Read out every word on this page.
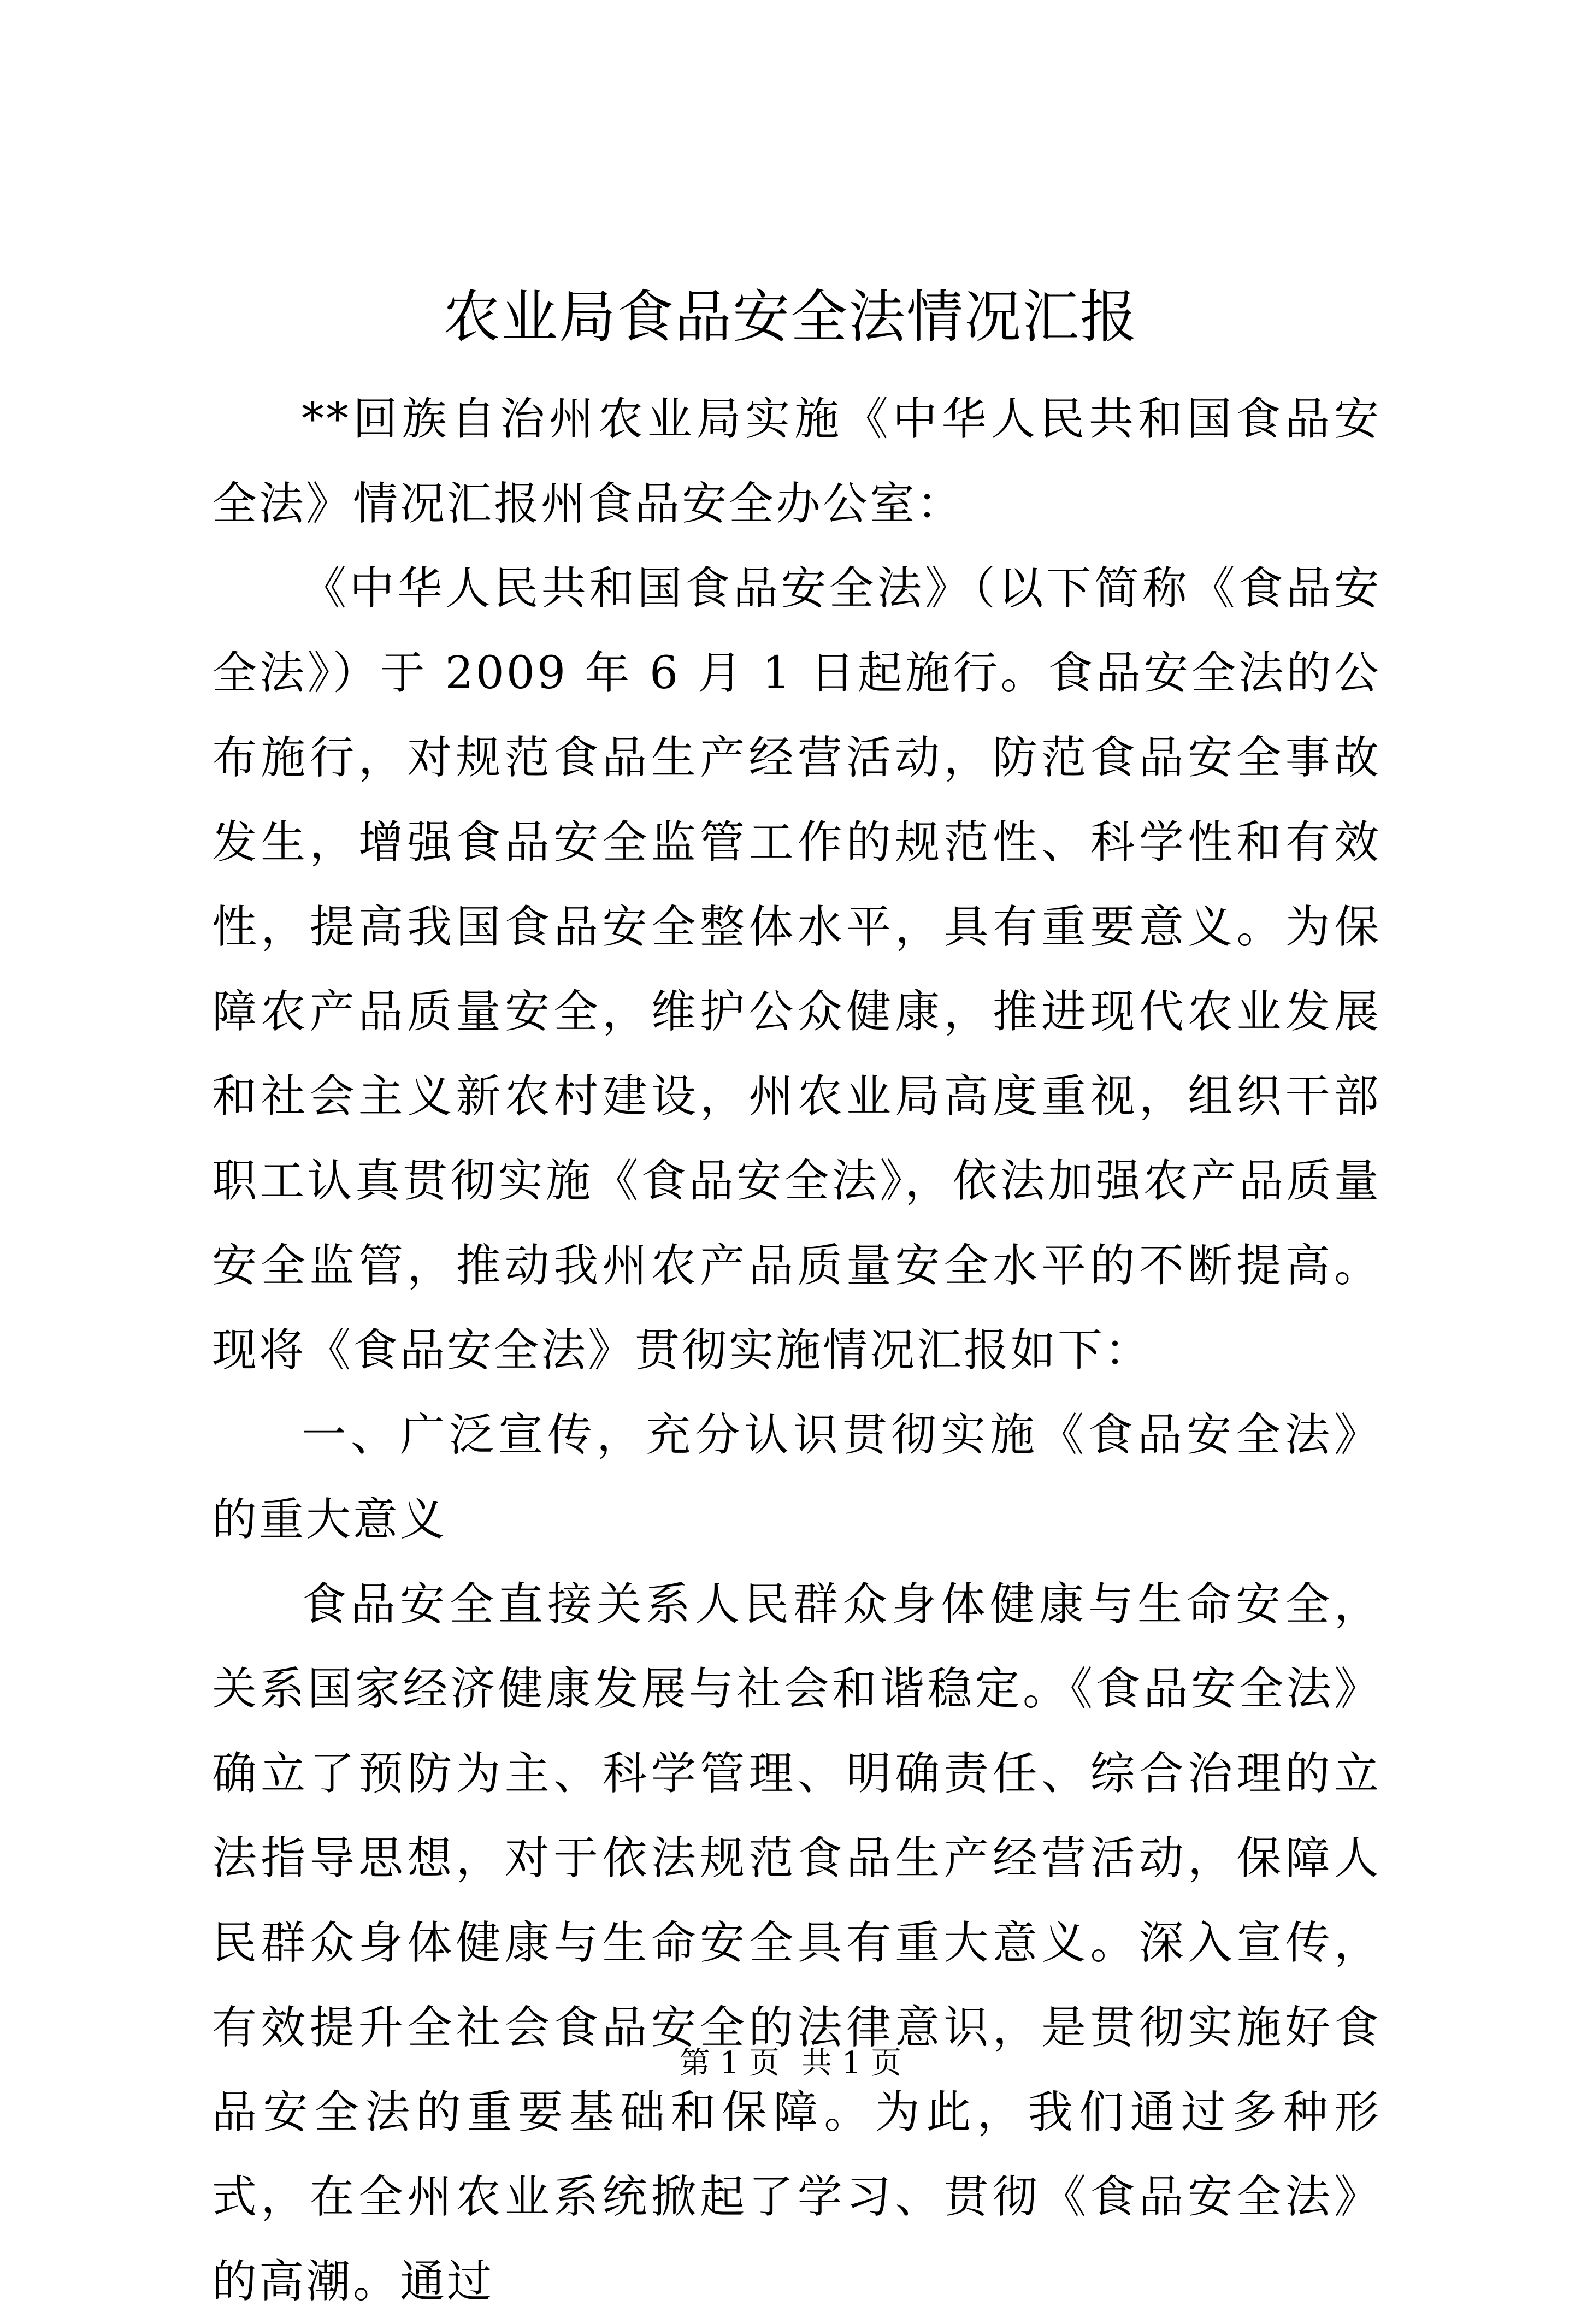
农业局食品安全法情况汇报

**回族自治州农业局实施《中华人民共和国食品安全法》情况汇报州食品安全办公室：

《中华人民共和国食品安全法》（以下简称《食品安全法》）于 2009 年 6 月 1 日起施行。食品安全法的公布施行，对规范食品生产经营活动，防范食品安全事故发生，增强食品安全监管工作的规范性、科学性和有效性，提高我国食品安全整体水平，具有重要意义。为保障农产品质量安全，维护公众健康，推进现代农业发展和社会主义新农村建设，州农业局高度重视，组织干部职工认真贯彻实施《食品安全法》，依法加强农产品质量安全监管，推动我州农产品质量安全水平的不断提高。现将《食品安全法》贯彻实施情况汇报如下：

一、广泛宣传，充分认识贯彻实施《食品安全法》的重大意义

食品安全直接关系人民群众身体健康与生命安全，关系国家经济健康发展与社会和谐稳定。《食品安全法》确立了预防为主、科学管理、明确责任、综合治理的立法指导思想，对于依法规范食品生产经营活动，保障人民群众身体健康与生命安全具有重大意义。深入宣传，有效提升全社会食品安全的法律意识，是贯彻实施好食品安全法的重要基础和保障。为此，我们通过多种形式，在全州农业系统掀起了学习、贯彻《食品安全法》的高潮。通过

第 1 页 共 1 页
